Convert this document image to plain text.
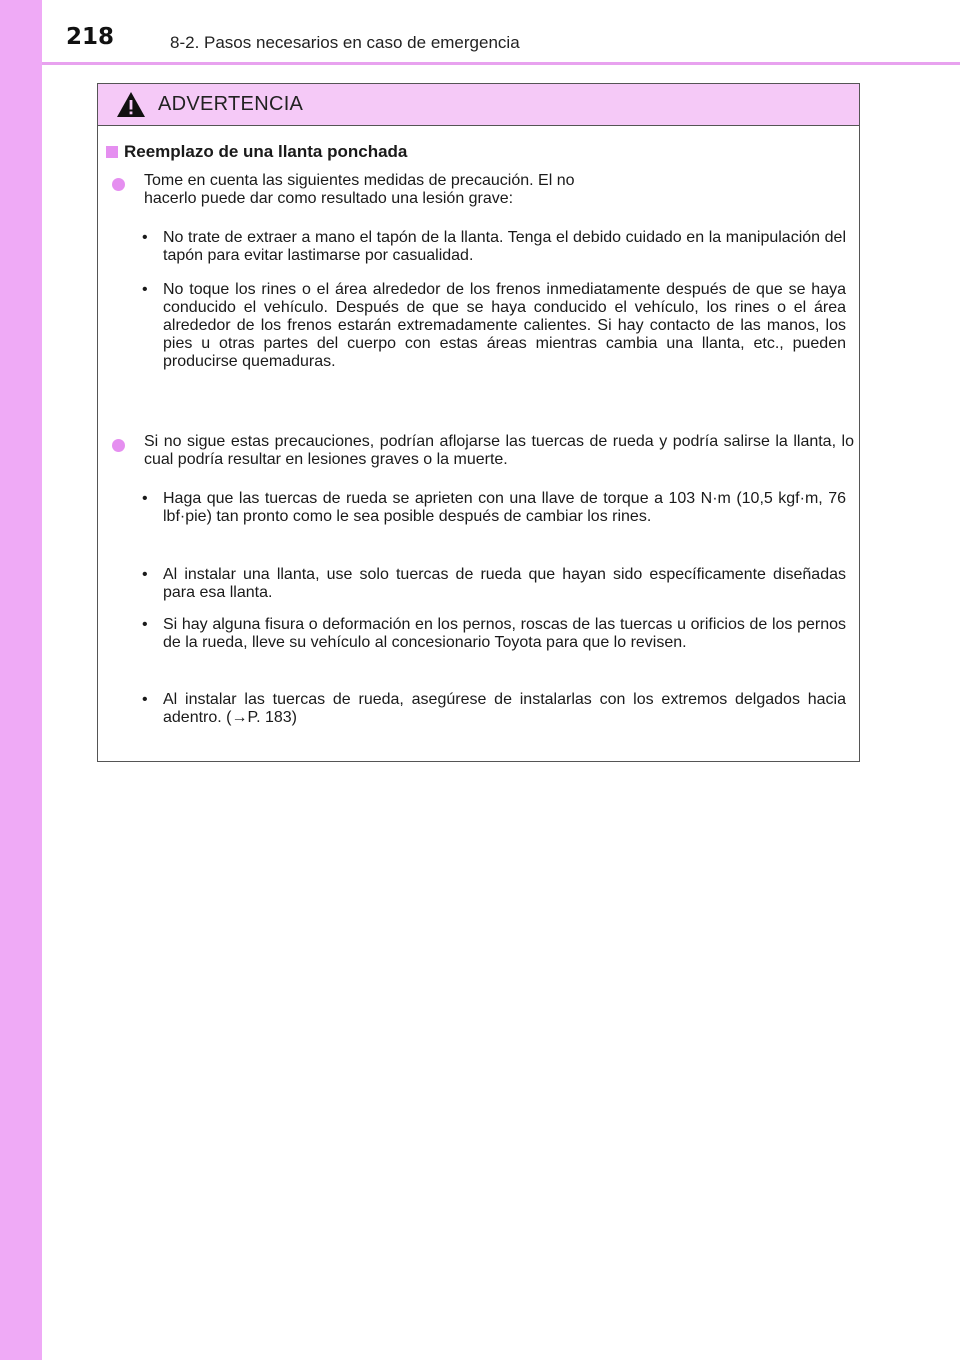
218	8-2. Pasos necesarios en caso de emergencia
ADVERTENCIA
Reemplazo de una llanta ponchada
Tome en cuenta las siguientes medidas de precaución. El no hacerlo puede dar como resultado una lesión grave:
• No trate de extraer a mano el tapón de la llanta. Tenga el debido cuidado en la manipulación del tapón para evitar lastimarse por casualidad.
• No toque los rines o el área alrededor de los frenos inmediatamente después de que se haya conducido el vehículo. Después de que se haya conducido el vehículo, los rines o el área alrededor de los frenos estarán extremadamente calientes. Si hay contacto de las manos, los pies u otras partes del cuerpo con estas áreas mientras cambia una llanta, etc., pueden producirse quemaduras.
Si no sigue estas precauciones, podrían aflojarse las tuercas de rueda y podría salirse la llanta, lo cual podría resultar en lesiones graves o la muerte.
• Haga que las tuercas de rueda se aprieten con una llave de torque a 103 N·m (10,5 kgf·m, 76 lbf·pie) tan pronto como le sea posible después de cambiar los rines.
• Al instalar una llanta, use solo tuercas de rueda que hayan sido específicamente diseñadas para esa llanta.
• Si hay alguna fisura o deformación en los pernos, roscas de las tuercas u orificios de los pernos de la rueda, lleve su vehículo al concesionario Toyota para que lo revisen.
• Al instalar las tuercas de rueda, asegúrese de instalarlas con los extremos delgados hacia adentro. (→P. 183)
